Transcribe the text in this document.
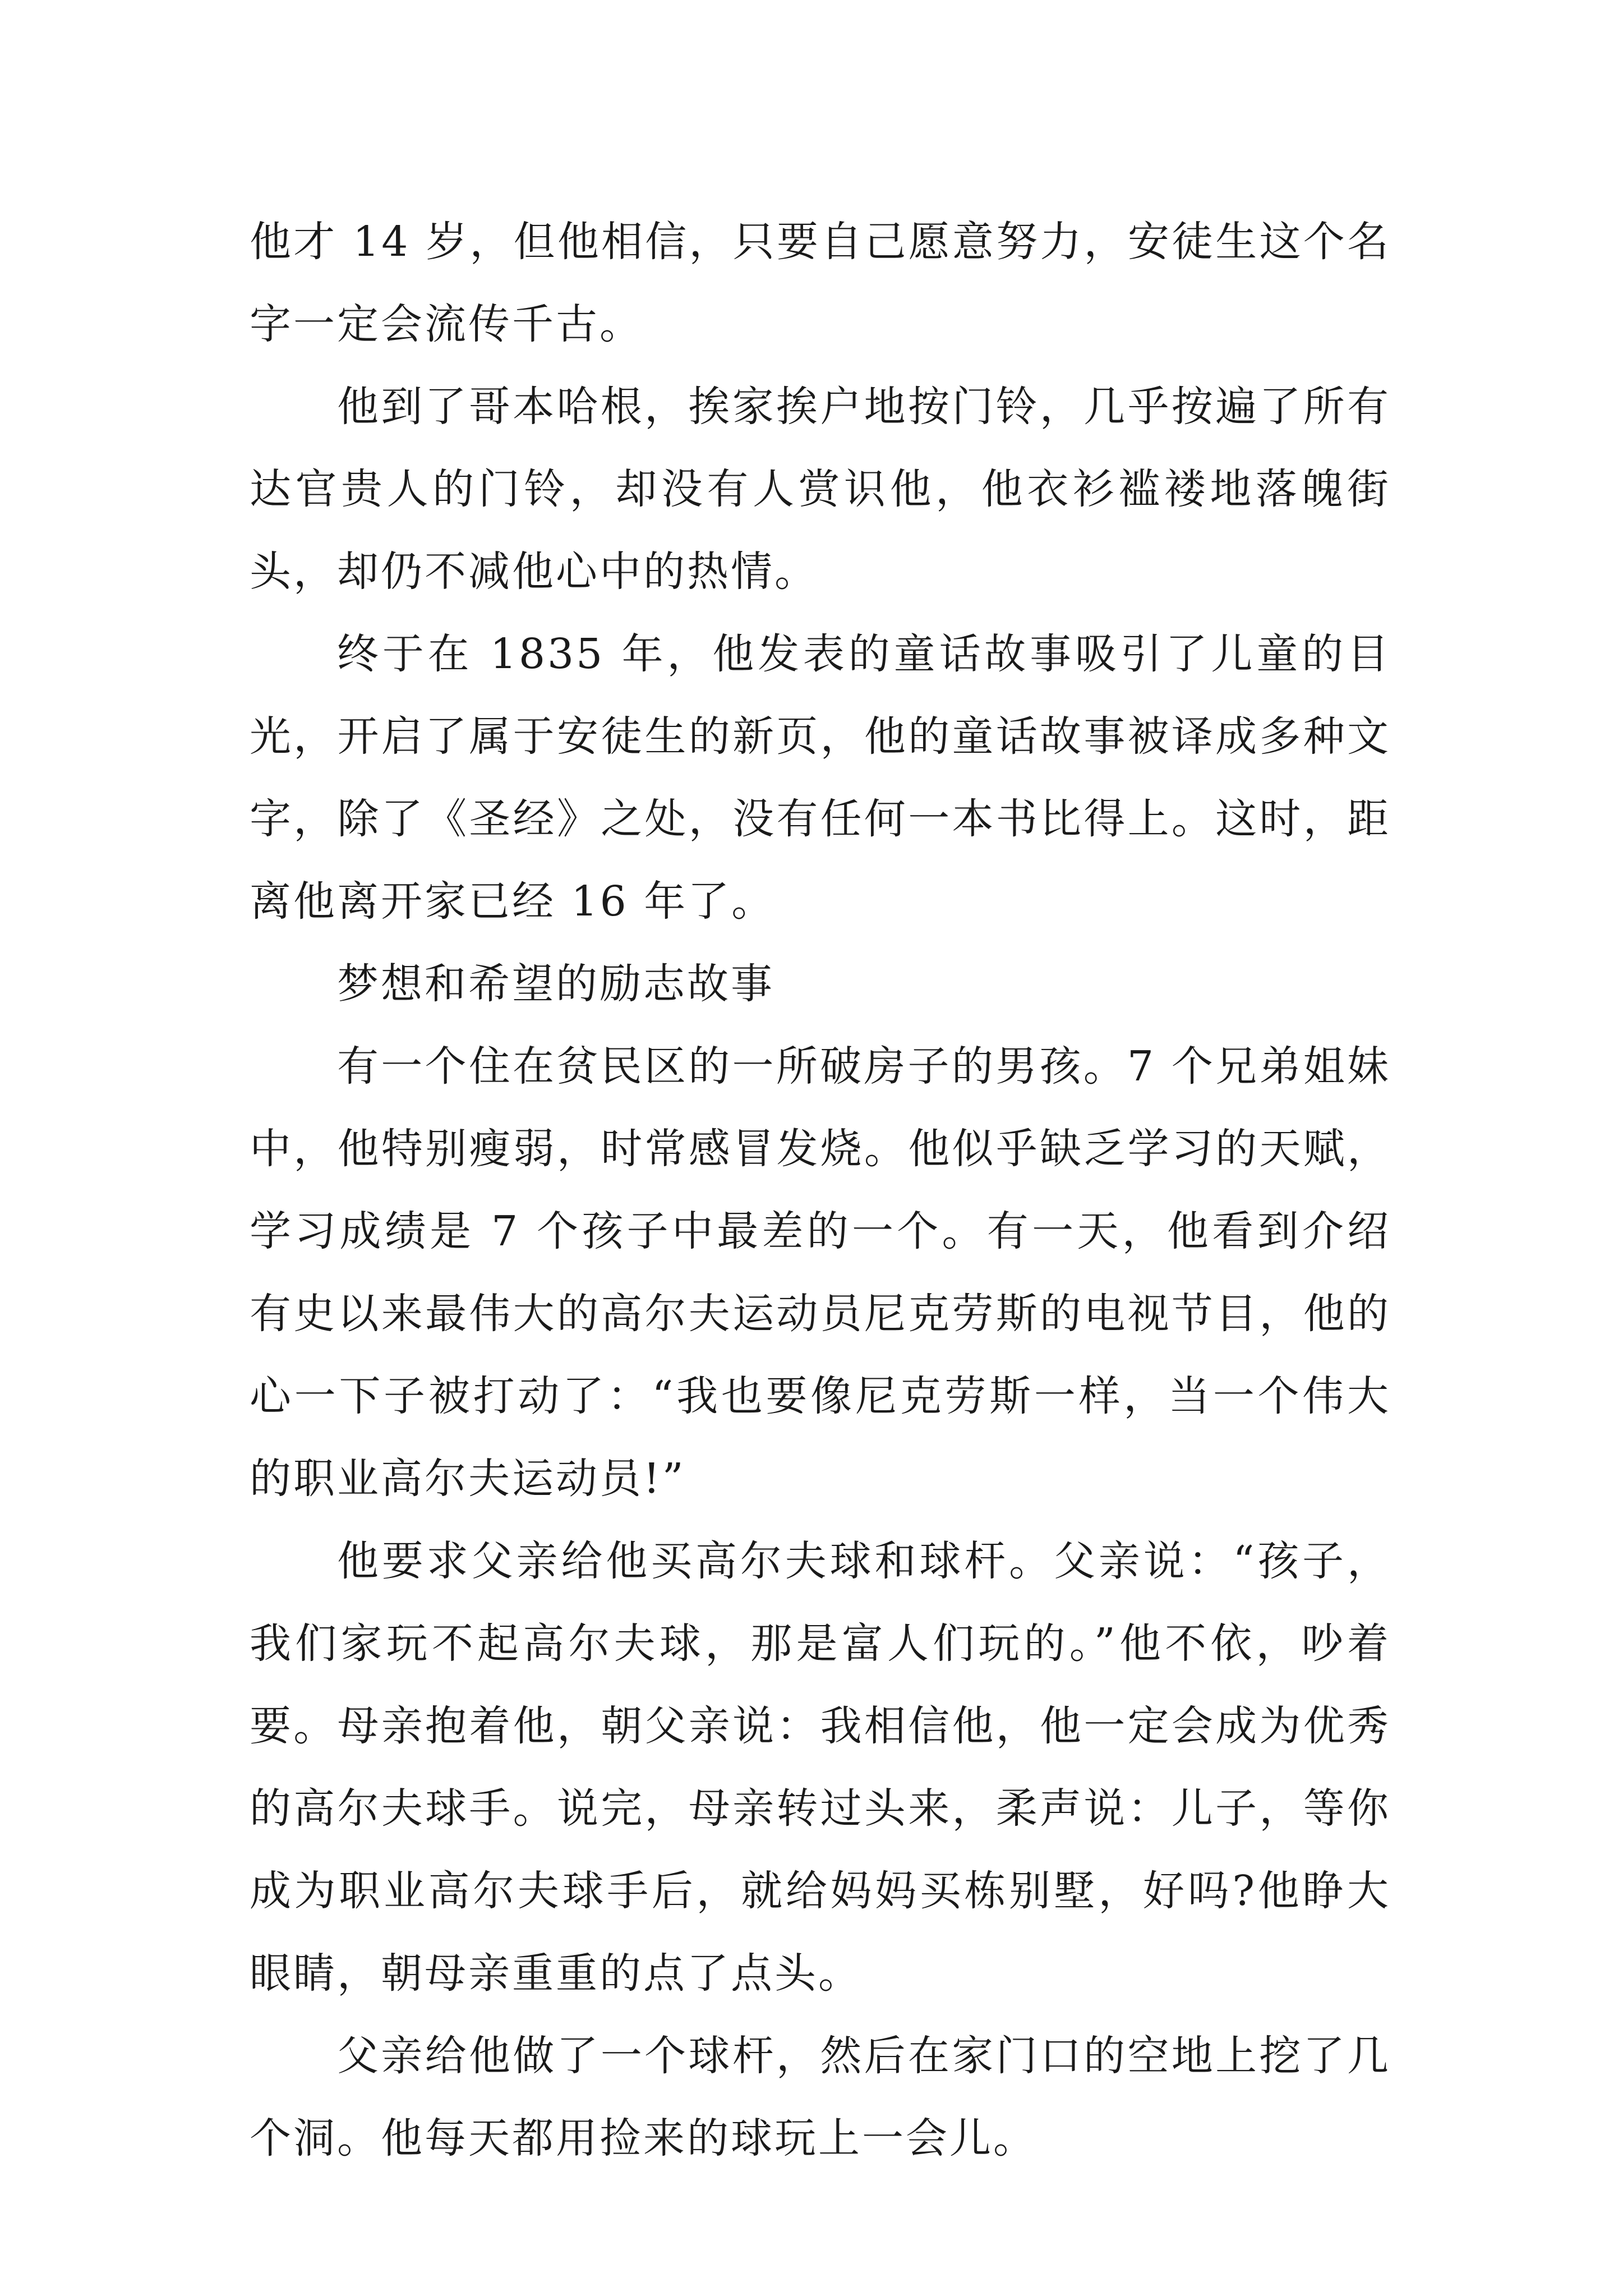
他才 14 岁，但他相信，只要自己愿意努力，安徒生这个名字一定会流传千古。

他到了哥本哈根，挨家挨户地按门铃，几乎按遍了所有达官贵人的门铃，却没有人赏识他，他衣衫褴褛地落魄街头，却仍不减他心中的热情。

终于在 1835 年，他发表的童话故事吸引了儿童的目光，开启了属于安徒生的新页，他的童话故事被译成多种文字，除了《圣经》之处，没有任何一本书比得上。这时，距离他离开家已经 16 年了。

梦想和希望的励志故事

有一个住在贫民区的一所破房子的男孩。7 个兄弟姐妹中，他特别瘦弱，时常感冒发烧。他似乎缺乏学习的天赋，学习成绩是 7 个孩子中最差的一个。有一天，他看到介绍有史以来最伟大的高尔夫运动员尼克劳斯的电视节目，他的心一下子被打动了：“我也要像尼克劳斯一样，当一个伟大的职业高尔夫运动员!”

他要求父亲给他买高尔夫球和球杆。父亲说：“孩子，我们家玩不起高尔夫球，那是富人们玩的。”他不依，吵着要。母亲抱着他，朝父亲说：我相信他，他一定会成为优秀的高尔夫球手。说完，母亲转过头来，柔声说：儿子，等你成为职业高尔夫球手后，就给妈妈买栋别墅，好吗?他睁大眼睛，朝母亲重重的点了点头。

父亲给他做了一个球杆，然后在家门口的空地上挖了几个洞。他每天都用捡来的球玩上一会儿。
